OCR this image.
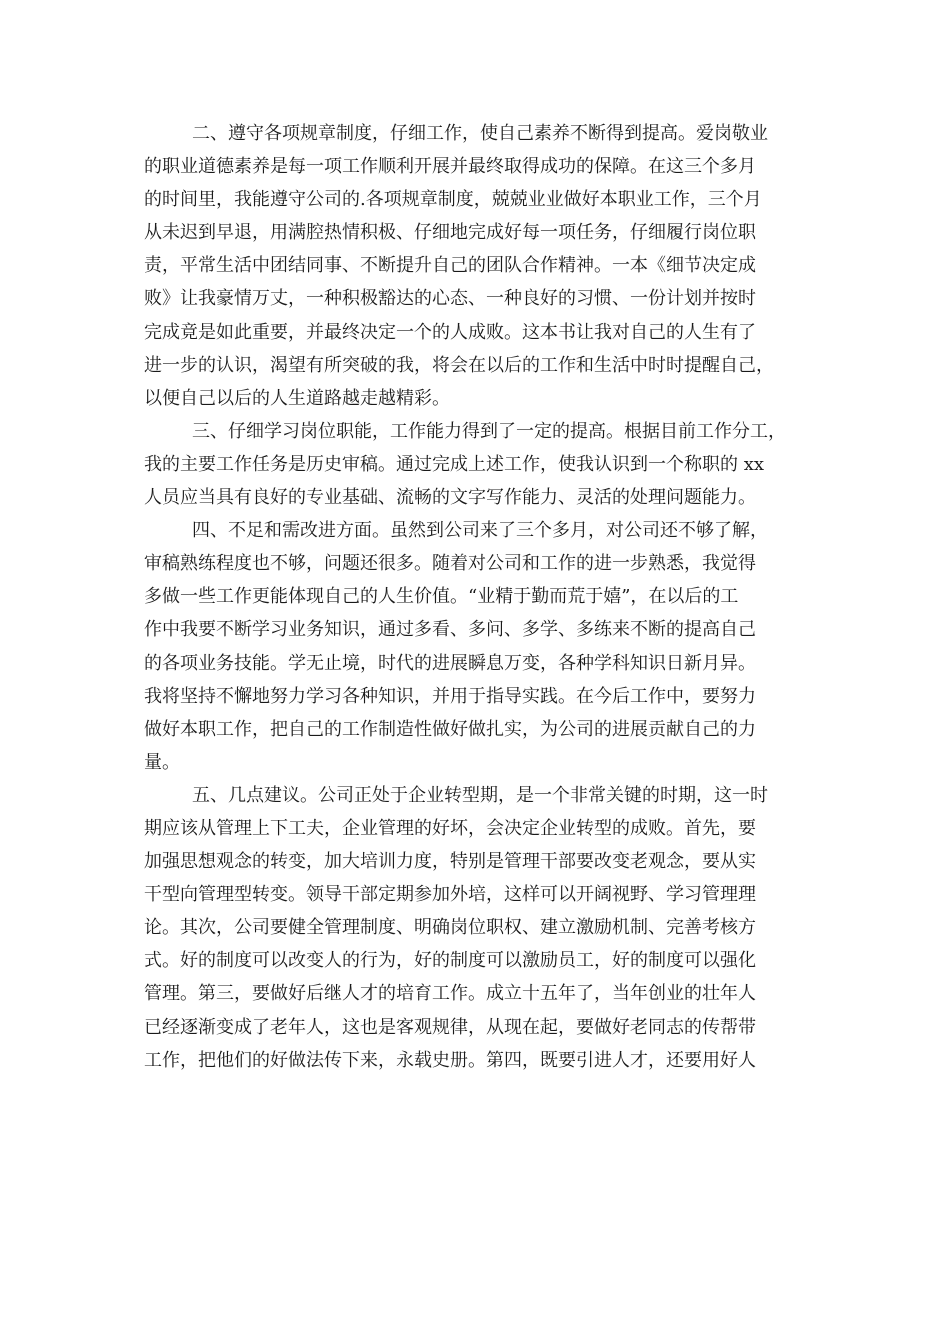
二、遵守各项规章制度，仔细工作，使自己素养不断得到提高。爱岗敬业
的职业道德素养是每一项工作顺利开展并最终取得成功的保障。在这三个多月
的时间里，我能遵守公司的.各项规章制度，兢兢业业做好本职业工作，三个月
从未迟到早退，用满腔热情积极、仔细地完成好每一项任务，仔细履行岗位职
责，平常生活中团结同事、不断提升自己的团队合作精神。一本《细节决定成
败》让我豪情万丈，一种积极豁达的心态、一种良好的习惯、一份计划并按时
完成竟是如此重要，并最终决定一个的人成败。这本书让我对自己的人生有了
进一步的认识，渴望有所突破的我，将会在以后的工作和生活中时时提醒自己，
以便自己以后的人生道路越走越精彩。
三、仔细学习岗位职能，工作能力得到了一定的提高。根据目前工作分工，
我的主要工作任务是历史审稿。通过完成上述工作，使我认识到一个称职的 xx
人员应当具有良好的专业基础、流畅的文字写作能力、灵活的处理问题能力。
四、不足和需改进方面。虽然到公司来了三个多月，对公司还不够了解，
审稿熟练程度也不够，问题还很多。随着对公司和工作的进一步熟悉，我觉得
多做一些工作更能体现自己的人生价值。“业精于勤而荒于嬉”，在以后的工
作中我要不断学习业务知识，通过多看、多问、多学、多练来不断的提高自己
的各项业务技能。学无止境，时代的进展瞬息万变，各种学科知识日新月异。
我将坚持不懈地努力学习各种知识，并用于指导实践。在今后工作中，要努力
做好本职工作，把自己的工作制造性做好做扎实，为公司的进展贡献自己的力
量。
五、几点建议。公司正处于企业转型期，是一个非常关键的时期，这一时
期应该从管理上下工夫，企业管理的好坏，会决定企业转型的成败。首先，要
加强思想观念的转变，加大培训力度，特别是管理干部要改变老观念，要从实
干型向管理型转变。领导干部定期参加外培，这样可以开阔视野、学习管理理
论。其次，公司要健全管理制度、明确岗位职权、建立激励机制、完善考核方
式。好的制度可以改变人的行为，好的制度可以激励员工，好的制度可以强化
管理。第三，要做好后继人才的培育工作。成立十五年了，当年创业的壮年人
已经逐渐变成了老年人，这也是客观规律，从现在起，要做好老同志的传帮带
工作，把他们的好做法传下来，永载史册。第四，既要引进人才，还要用好人
